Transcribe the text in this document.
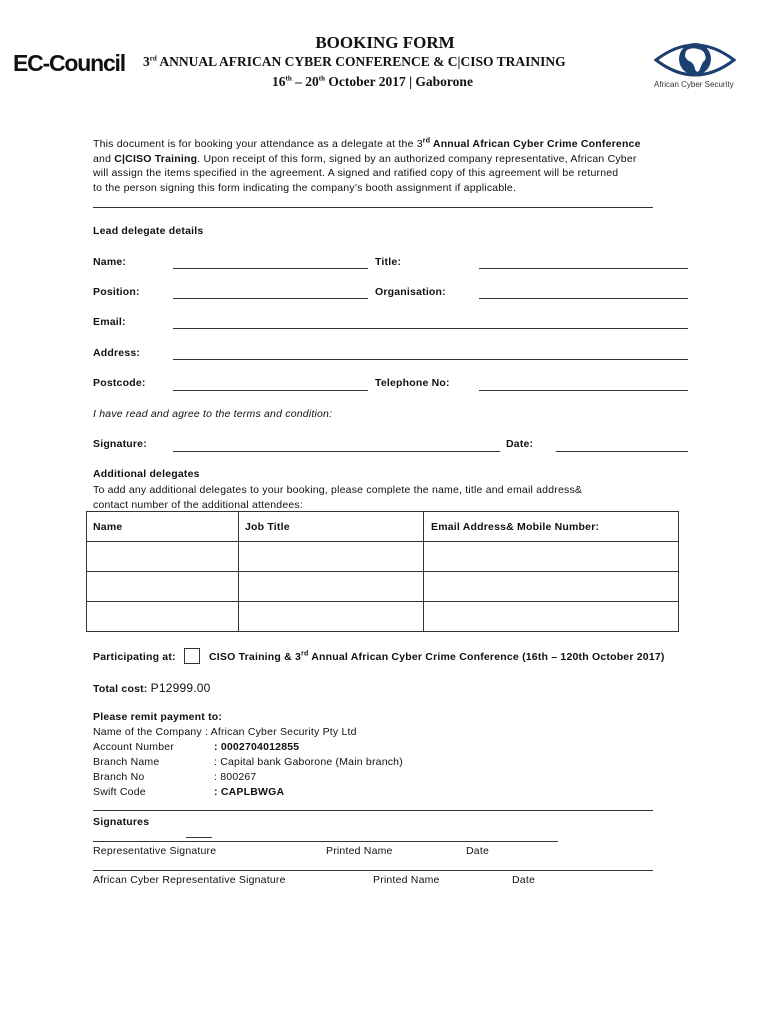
EC-Council
BOOKING FORM
3rd ANNUAL AFRICAN CYBER CONFERENCE & C|CISO TRAINING
16th – 20th October 2017 | Gaborone	African Cyber Security
This document is for booking your attendance as a delegate at the 3rd Annual African Cyber Crime Conference
and C|CISO Training. Upon receipt of this form, signed by an authorized company representative, African Cyber
will assign the items specified in the agreement. A signed and ratified copy of this agreement will be returned
to the person signing this form indicating the company’s booth assignment if applicable.
Lead delegate details
Name:	Title:
Position:	Organisation:
Email:
Address:
Postcode:	Telephone No:
I have read and agree to the terms and condition:
Signature:	Date:
Additional delegates
To add any additional delegates to your booking, please complete the name, title and email address&
contact number of the additional attendees:
Name	Job Title	Email Address& Mobile Number:

Participating at:	CISO Training & 3rd Annual African Cyber Crime Conference (16th – 120th October 2017)
Total cost: P12999.00
Please remit payment to:
Name of the Company : African Cyber Security Pty Ltd
Account Number	: 0002704012855
Branch Name	: Capital bank Gaborone (Main branch)
Branch No	: 800267
Swift Code	: CAPLBWGA
Signatures
Representative Signature	Printed Name	Date
African Cyber Representative Signature	Printed Name	Date
